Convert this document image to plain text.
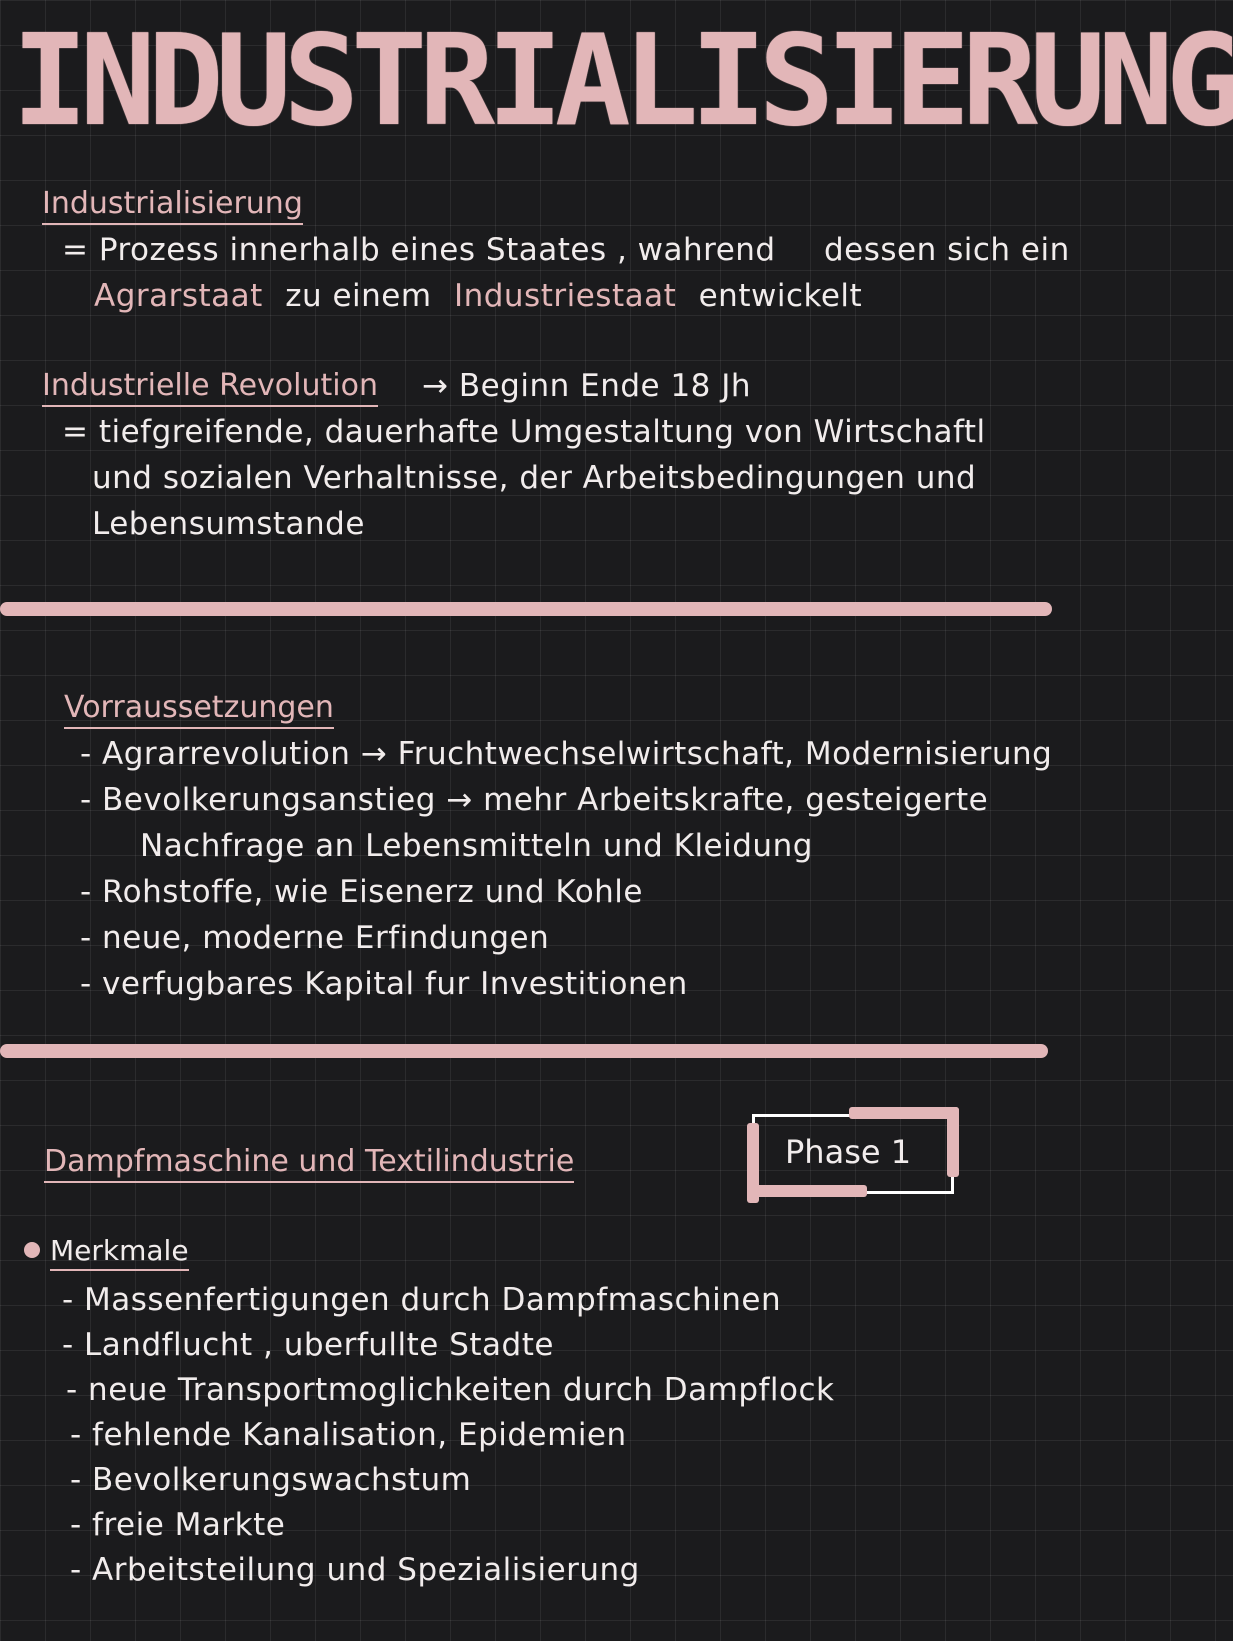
INDUSTRIALISIERUNG
Industrialisierung
= Prozess innerhalb eines Staates , wahrend dessen sich ein
Agrarstaat zu einem Industriestaat entwickelt
Industrielle Revolution → Beginn Ende 18 Jh
= tiefgreifende, dauerhafte Umgestaltung von Wirtschaftl
und sozialen Verhaltnisse, der Arbeitsbedingungen und
Lebensumstande
Vorraussetzungen
- Agrarrevolution → Fruchtwechselwirtschaft, Modernisierung
- Bevolkerungsanstieg → mehr Arbeitskrafte, gesteigerte
Nachfrage an Lebensmitteln und Kleidung
- Rohstoffe, wie Eisenerz und Kohle
- neue, moderne Erfindungen
- verfugbares Kapital fur Investitionen
Dampfmaschine und Textilindustrie	Phase 1
Merkmale
- Massenfertigungen durch Dampfmaschinen
- Landflucht , uberfullte Stadte
- neue Transportmoglichkeiten durch Dampflock
- fehlende Kanalisation, Epidemien
- Bevolkerungswachstum
- freie Markte
- Arbeitsteilung und Spezialisierung
